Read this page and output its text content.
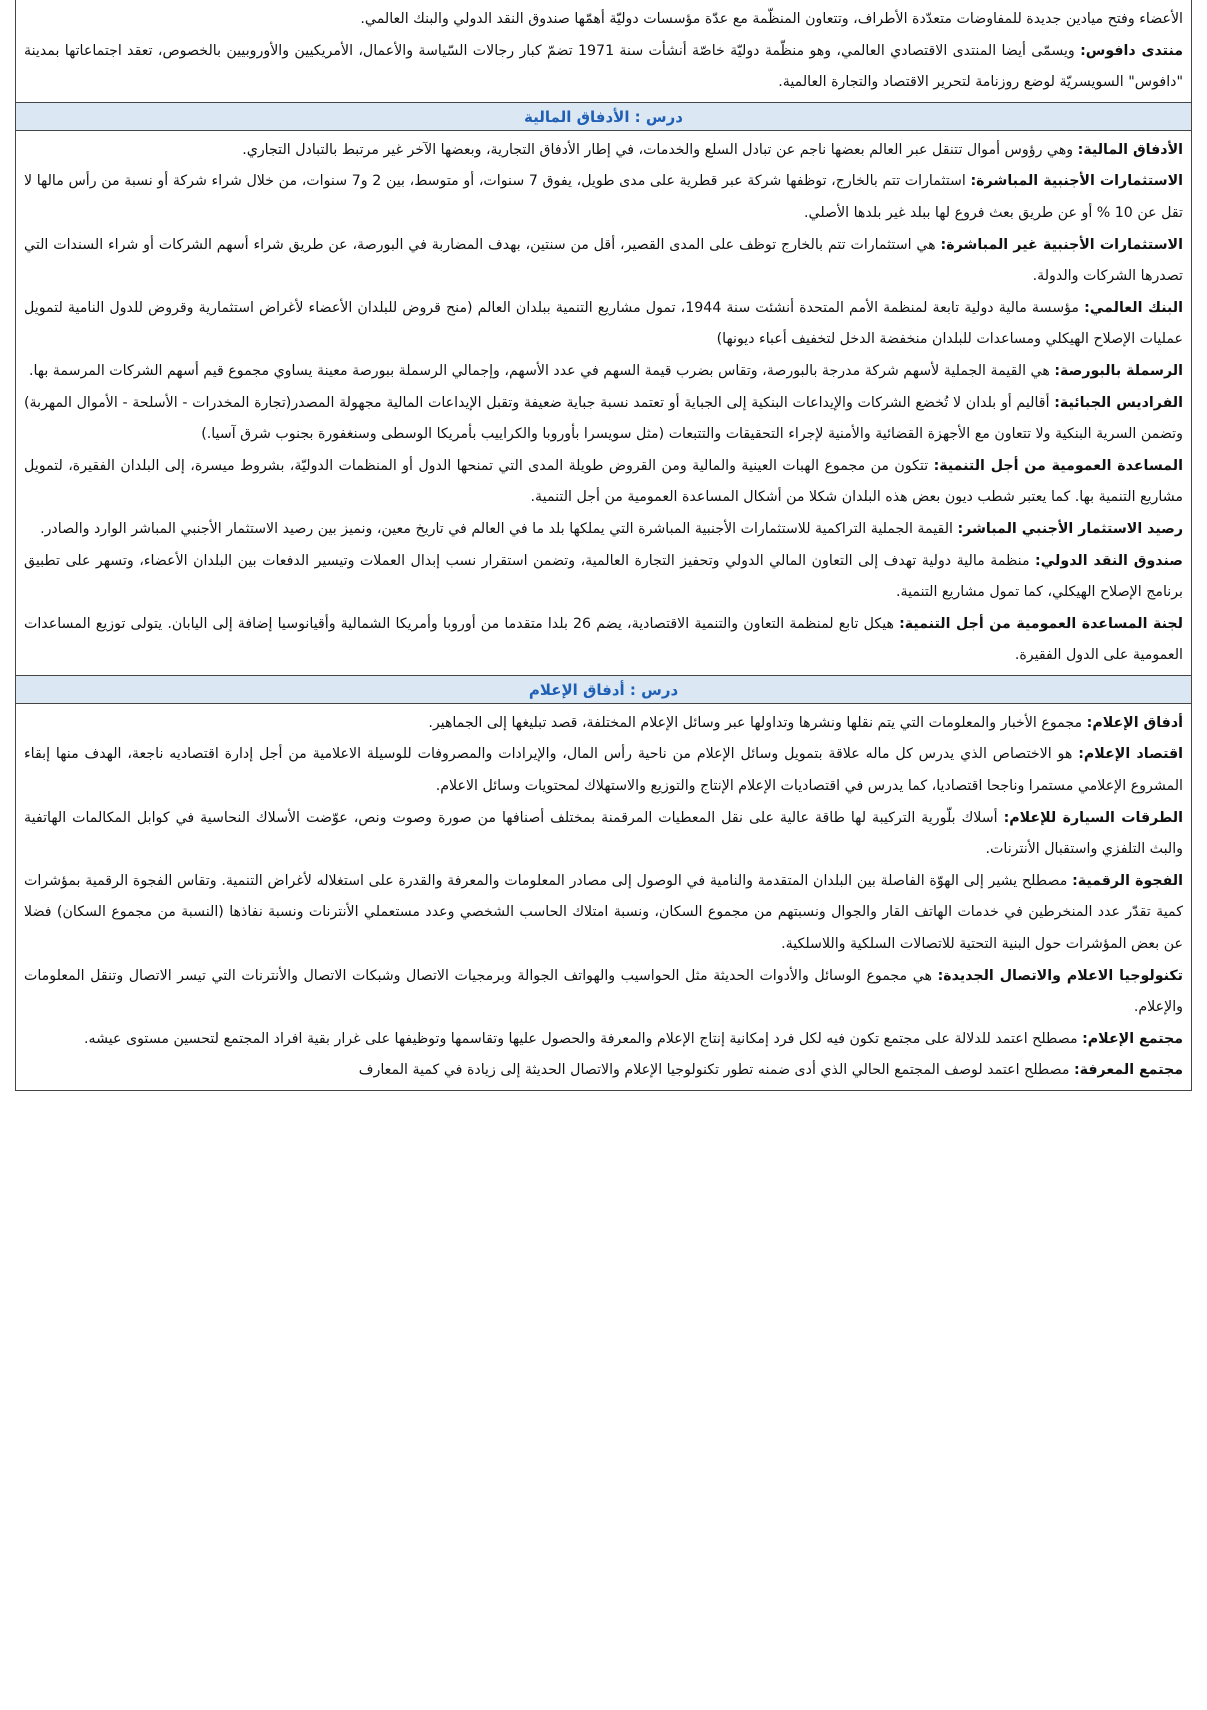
الأعضاء وفتح ميادين جديدة للمفاوضات متعدّدة الأطراف، وتتعاون المنظّمة مع عدّة مؤسسات دوليّة أهمّها صندوق النقد الدولي والبنك العالمي.

منتدى دافوس: ويسمّى أيضا المنتدى الاقتصادي العالمي، وهو منظّمة دوليّة خاصّة أنشأت سنة 1971 تضمّ كبار رجالات السّياسة والأعمال، الأمريكيين والأوروبيين بالخصوص، تعقد اجتماعاتها بمدينة "دافوس" السويسريّة لوضع روزنامة لتحرير الاقتصاد والتجارة العالمية.

درس : الأدفاق المالية

الأدفاق المالية: وهي رؤوس أموال تتنقل عبر العالم بعضها ناجم عن تبادل السلع والخدمات، في إطار الأدفاق التجارية، وبعضها الآخر غير مرتبط بالتبادل التجاري.

الاستثمارات الأجنبية المباشرة: استثمارات تتم بالخارج، توظفها شركة عبر قطرية على مدى طويل، يفوق 7 سنوات، أو متوسط، بين 2 و7 سنوات، من خلال شراء شركة أو نسبة من رأس مالها لا تقل عن 10 % أو عن طريق بعث فروع لها ببلد غير بلدها الأصلي.

الاستثمارات الأجنبية غير المباشرة: هي استثمارات تتم بالخارج توظف على المدى القصير، أقل من سنتين، بهدف المضاربة في البورصة، عن طريق شراء أسهم الشركات أو شراء السندات التي تصدرها الشركات والدولة.

البنك العالمي: مؤسسة مالية دولية تابعة لمنظمة الأمم المتحدة أنشئت سنة 1944، تمول مشاريع التنمية ببلدان العالم (منح قروض للبلدان الأعضاء لأغراض استثمارية وقروض للدول النامية لتمويل عمليات الإصلاح الهيكلي ومساعدات للبلدان منخفضة الدخل لتخفيف أعباء ديونها)

الرسملة بالبورصة: هي القيمة الجملية لأسهم شركة مدرجة بالبورصة، وتقاس بضرب قيمة السهم في عدد الأسهم، وإجمالي الرسملة ببورصة معينة يساوي مجموع قيم أسهم الشركات المرسمة بها.

الفراديس الجبائية: أقاليم أو بلدان لا تُخضع الشركات والإيداعات البنكية إلى الجباية أو تعتمد نسبة جباية ضعيفة وتقبل الإيداعات المالية مجهولة المصدر(تجارة المخدرات - الأسلحة - الأموال المهربة) وتضمن السرية البنكية ولا تتعاون مع الأجهزة القضائية والأمنية لإجراء التحقيقات والتتبعات (مثل سويسرا بأوروبا والكراييب بأمريكا الوسطى وسنغفورة بجنوب شرق آسيا.)

المساعدة العمومية من أجل التنمية: تتكون من مجموع الهبات العينية والمالية ومن القروض طويلة المدى التي تمنحها الدول أو المنظمات الدوليّة، بشروط ميسرة، إلى البلدان الفقيرة، لتمويل مشاريع التنمية بها. كما يعتبر شطب ديون بعض هذه البلدان شكلا من أشكال المساعدة العمومية من أجل التنمية.

رصيد الاستثمار الأجنبي المباشر: القيمة الجملية التراكمية للاستثمارات الأجنبية المباشرة التي يملكها بلد ما في العالم في تاريخ معين، ونميز بين رصيد الاستثمار الأجنبي المباشر الوارد والصادر.

صندوق النقد الدولي: منظمة مالية دولية تهدف إلى التعاون المالي الدولي وتحفيز التجارة العالمية، وتضمن استقرار نسب إبدال العملات وتيسير الدفعات بين البلدان الأعضاء، وتسهر على تطبيق برنامج الإصلاح الهيكلي، كما تمول مشاريع التنمية.

لجنة المساعدة العمومية من أجل التنمية: هيكل تابع لمنظمة التعاون والتنمية الاقتصادية، يضم 26 بلدا متقدما من أوروبا وأمريكا الشمالية وأقيانوسيا إضافة إلى اليابان. يتولى توزيع المساعدات العمومية على الدول الفقيرة.

درس : أدفاق الإعلام

أدفاق الإعلام: مجموع الأخبار والمعلومات التي يتم نقلها ونشرها وتداولها عبر وسائل الإعلام المختلفة، قصد تبليغها إلى الجماهير.

اقتصاد الإعلام: هو الاختصاص الذي يدرس كل ماله علاقة بتمويل وسائل الإعلام من ناحية رأس المال، والإيرادات والمصروفات للوسيلة الاعلامية من أجل إدارة اقتصاديه ناجعة، الهدف منها إبقاء المشروع الإعلامي مستمرا وناجحا اقتصاديا، كما يدرس في اقتصاديات الإعلام الإنتاج والتوزيع والاستهلاك لمحتويات وسائل الاعلام.

الطرقات السيارة للإعلام: أسلاك بلّورية التركيبة لها طاقة عالية على نقل المعطيات المرقمنة بمختلف أصنافها من صورة وصوت ونص، عوّضت الأسلاك النحاسية في كوابل المكالمات الهاتفية والبث التلفزي واستقبال الأنترنات.

الفجوة الرقمية: مصطلح يشير إلى الهوّة الفاصلة بين البلدان المتقدمة والنامية في الوصول إلى مصادر المعلومات والمعرفة والقدرة على استغلاله لأغراض التنمية. وتقاس الفجوة الرقمية بمؤشرات كمية تقدّر عدد المنخرطين في خدمات الهاتف القار والجوال ونسبتهم من مجموع السكان، ونسبة امتلاك الحاسب الشخصي وعدد مستعملي الأنترنات ونسبة نفاذها (النسبة من مجموع السكان) فضلا عن بعض المؤشرات حول البنية التحتية للاتصالات السلكية واللاسلكية.

تكنولوجيا الاعلام والاتصال الجديدة: هي مجموع الوسائل والأدوات الحديثة مثل الحواسيب والهواتف الجوالة وبرمجيات الاتصال وشبكات الاتصال والأنترنات التي تيسر الاتصال وتنقل المعلومات والإعلام.

مجتمع الإعلام: مصطلح اعتمد للدلالة على مجتمع تكون فيه لكل فرد إمكانية إنتاج الإعلام والمعرفة والحصول عليها وتقاسمها وتوظيفها على غرار بقية افراد المجتمع لتحسين مستوى عيشه.

مجتمع المعرفة: مصطلح اعتمد لوصف المجتمع الحالي الذي أدى ضمنه تطور تكنولوجيا الإعلام والاتصال الحديثة إلى زيادة في كمية المعارف
